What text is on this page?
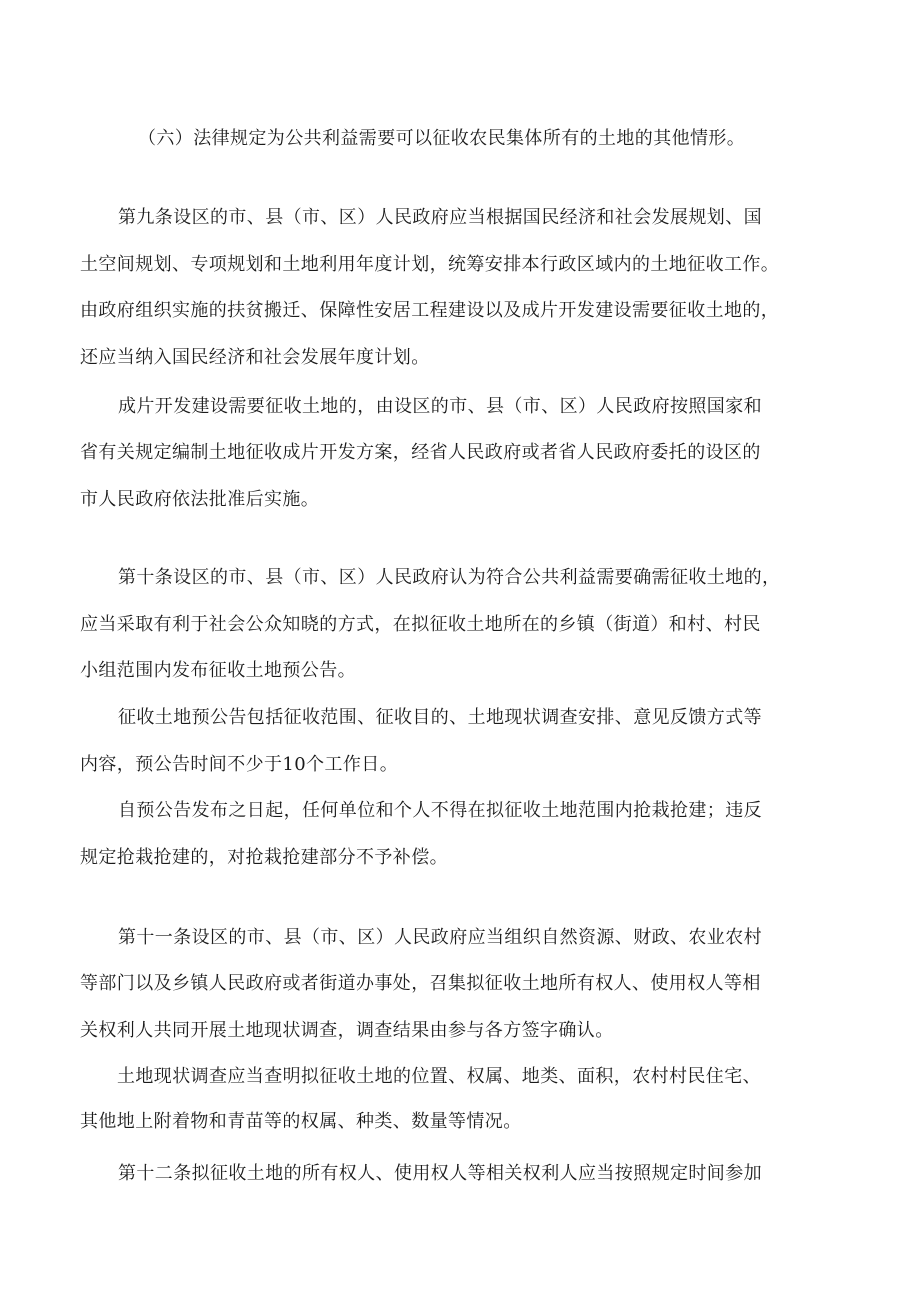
（六）法律规定为公共利益需要可以征收农民集体所有的土地的其他情形。
第九条设区的市、县（市、区）人民政府应当根据国民经济和社会发展规划、国
土空间规划、专项规划和土地利用年度计划，统筹安排本行政区域内的土地征收工作。
由政府组织实施的扶贫搬迁、保障性安居工程建设以及成片开发建设需要征收土地的，
还应当纳入国民经济和社会发展年度计划。
成片开发建设需要征收土地的，由设区的市、县（市、区）人民政府按照国家和
省有关规定编制土地征收成片开发方案，经省人民政府或者省人民政府委托的设区的
市人民政府依法批准后实施。
第十条设区的市、县（市、区）人民政府认为符合公共利益需要确需征收土地的，
应当采取有利于社会公众知晓的方式，在拟征收土地所在的乡镇（街道）和村、村民
小组范围内发布征收土地预公告。
征收土地预公告包括征收范围、征收目的、土地现状调查安排、意见反馈方式等
内容，预公告时间不少于10个工作日。
自预公告发布之日起，任何单位和个人不得在拟征收土地范围内抢栽抢建；违反
规定抢栽抢建的，对抢栽抢建部分不予补偿。
第十一条设区的市、县（市、区）人民政府应当组织自然资源、财政、农业农村
等部门以及乡镇人民政府或者街道办事处，召集拟征收土地所有权人、使用权人等相
关权利人共同开展土地现状调查，调查结果由参与各方签字确认。
土地现状调查应当查明拟征收土地的位置、权属、地类、面积，农村村民住宅、
其他地上附着物和青苗等的权属、种类、数量等情况。
第十二条拟征收土地的所有权人、使用权人等相关权利人应当按照规定时间参加
